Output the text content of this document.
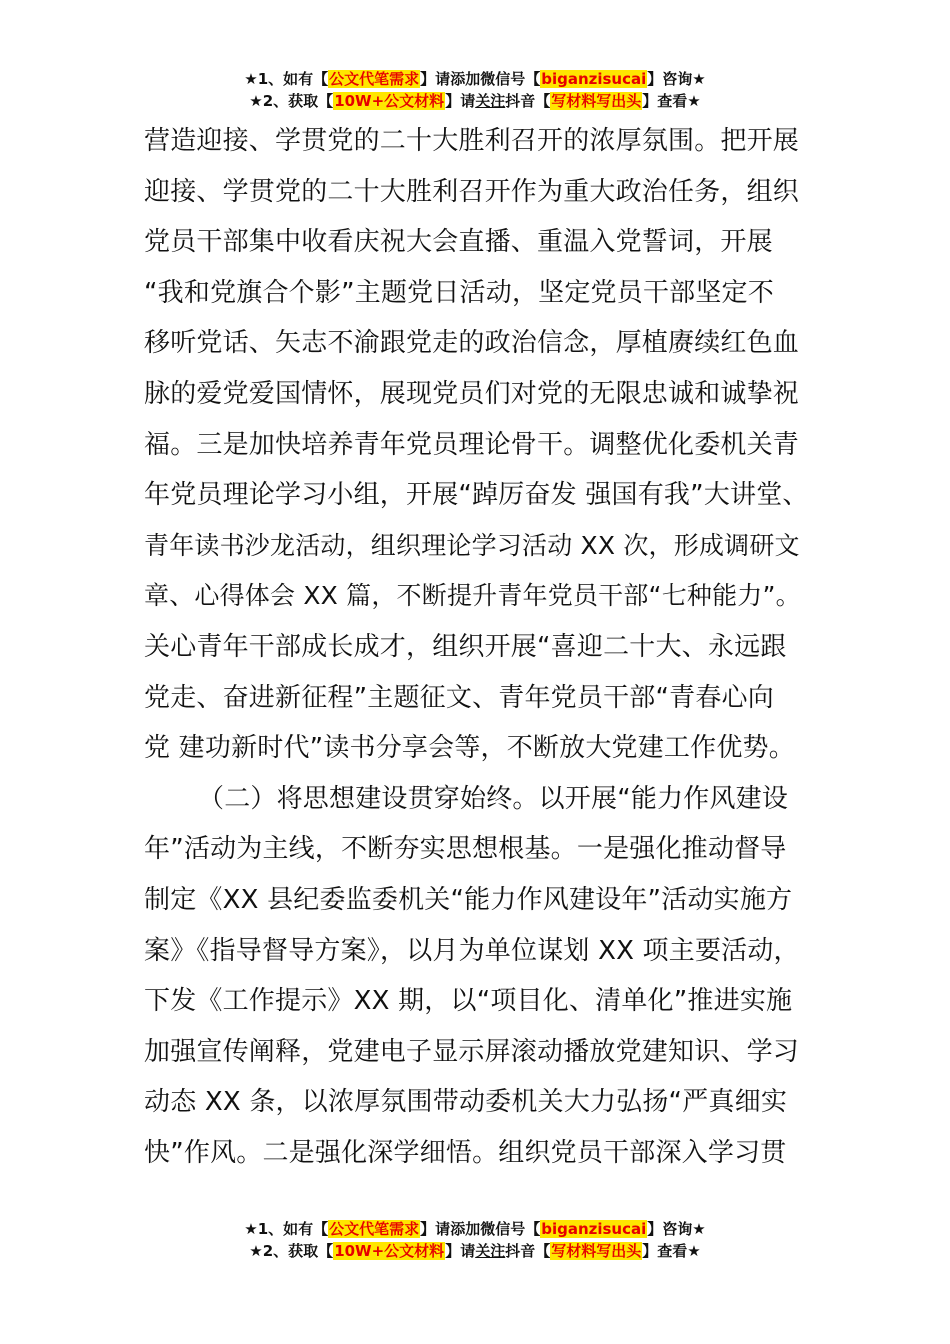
★1、如有【公文代笔需求】请添加微信号【biganzisucai】咨询★
★2、获取【10W+公文材料】请关注抖音【写材料写出头】查看★
营造迎接、学贯党的二十大胜利召开的浓厚氛围。把开展
迎接、学贯党的二十大胜利召开作为重大政治任务，组织
党员干部集中收看庆祝大会直播、重温入党誓词，开展
“我和党旗合个影”主题党日活动，坚定党员干部坚定不
移听党话、矢志不渝跟党走的政治信念，厚植赓续红色血
脉的爱党爱国情怀，展现党员们对党的无限忠诚和诚挚祝
福。三是加快培养青年党员理论骨干。调整优化委机关青
年党员理论学习小组，开展“踔厉奋发 强国有我”大讲堂、
青年读书沙龙活动，组织理论学习活动 XX 次，形成调研文
章、心得体会 XX 篇，不断提升青年党员干部“七种能力”。
关心青年干部成长成才，组织开展“喜迎二十大、永远跟
党走、奋进新征程”主题征文、青年党员干部“青春心向
党 建功新时代”读书分享会等，不断放大党建工作优势。
（二）将思想建设贯穿始终。以开展“能力作风建设
年”活动为主线，不断夯实思想根基。一是强化推动督导
制定《XX 县纪委监委机关“能力作风建设年”活动实施方
案》《指导督导方案》，以月为单位谋划 XX 项主要活动，
下发《工作提示》XX 期，以“项目化、清单化”推进实施
加强宣传阐释，党建电子显示屏滚动播放党建知识、学习
动态 XX 条，以浓厚氛围带动委机关大力弘扬“严真细实
快”作风。二是强化深学细悟。组织党员干部深入学习贯
★1、如有【公文代笔需求】请添加微信号【biganzisucai】咨询★
★2、获取【10W+公文材料】请关注抖音【写材料写出头】查看★
